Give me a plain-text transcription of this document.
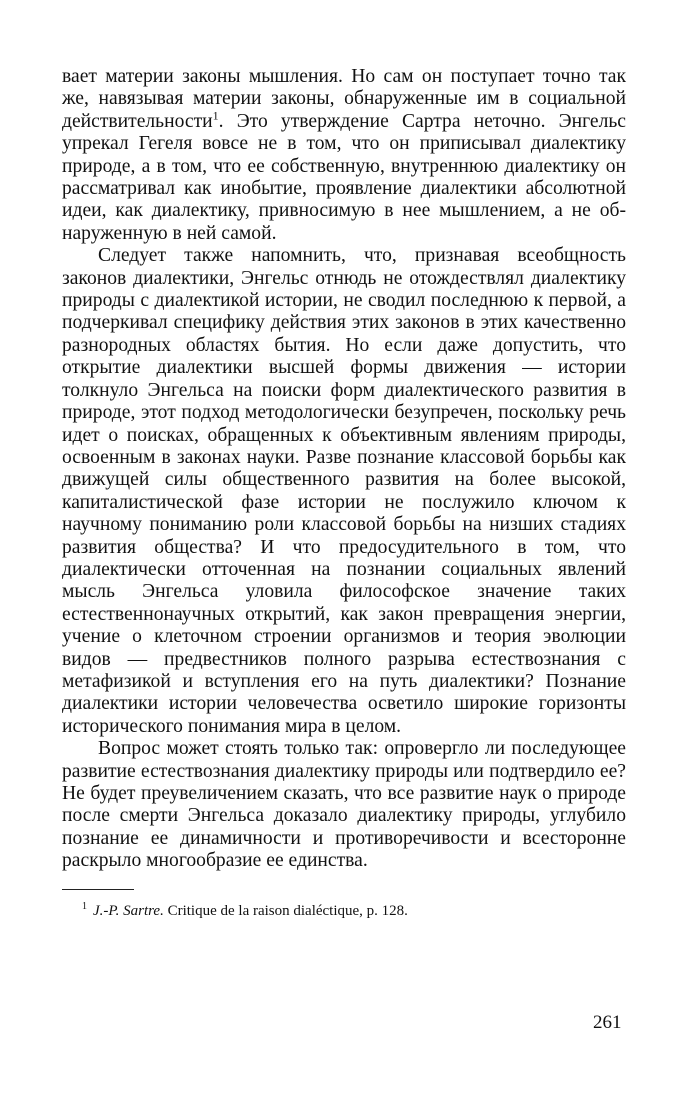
вает материи законы мышления. Но сам он поступает точно так же, навязывая материи законы, обнаруженные им в социальной действительности$^1$. Это утверждение Сартра неточно. Энгельс упрекал Гегеля вовсе не в том, что он приписывал диалектику природе, а в том, что ее собственную, внутреннюю диалектику он рассматривал как инобытие, проявление диалектики абсолютной идеи, как диалектику, привносимую в нее мышлением, а не об-наруженную в ней самой.

Следует также напомнить, что, признавая всеобщность законов диалектики, Энгельс отнюдь не отождествлял диалектику природы с диалектикой истории, не сводил последнюю к первой, а подчеркивал специфику действия этих законов в этих качественно разнородных областях бытия. Но если даже допустить, что открытие диалектики высшей формы движения — истории толкнуло Энгельса на поиски форм диалектического развития в природе, этот подход методологически безупречен, поскольку речь идет о поисках, обращенных к объективным явлениям природы, освоенным в законах науки. Разве познание классовой борьбы как движущей силы общественного развития на более высокой, капиталистической фазе истории не послужило ключом к научному пониманию роли классовой борьбы на низших стадиях развития общества? И что предосудительного в том, что диалектически отточенная на познании социальных явлений мысль Энгельса уловила философское значение таких естественнонаучных открытий, как закон превращения энергии, учение о клеточном строении организмов и теория эволюции видов — предвестников полного разрыва естествознания с метафизикой и вступления его на путь диалектики? Познание диалектики истории человечества осветило широкие горизонты исторического понимания мира в целом.

Вопрос может стоять только так: опровергло ли последующее развитие естествознания диалектику природы или подтвердило ее? Не будет преувеличением сказать, что все развитие наук о природе после смерти Энгельса доказало диалектику природы, углубило познание ее динамичности и противоречивости и всесторонне раскрыло многообразие ее единства.

$^1$ J.-P. Sartre. Critique de la raison dialéctique, p. 128.

261
